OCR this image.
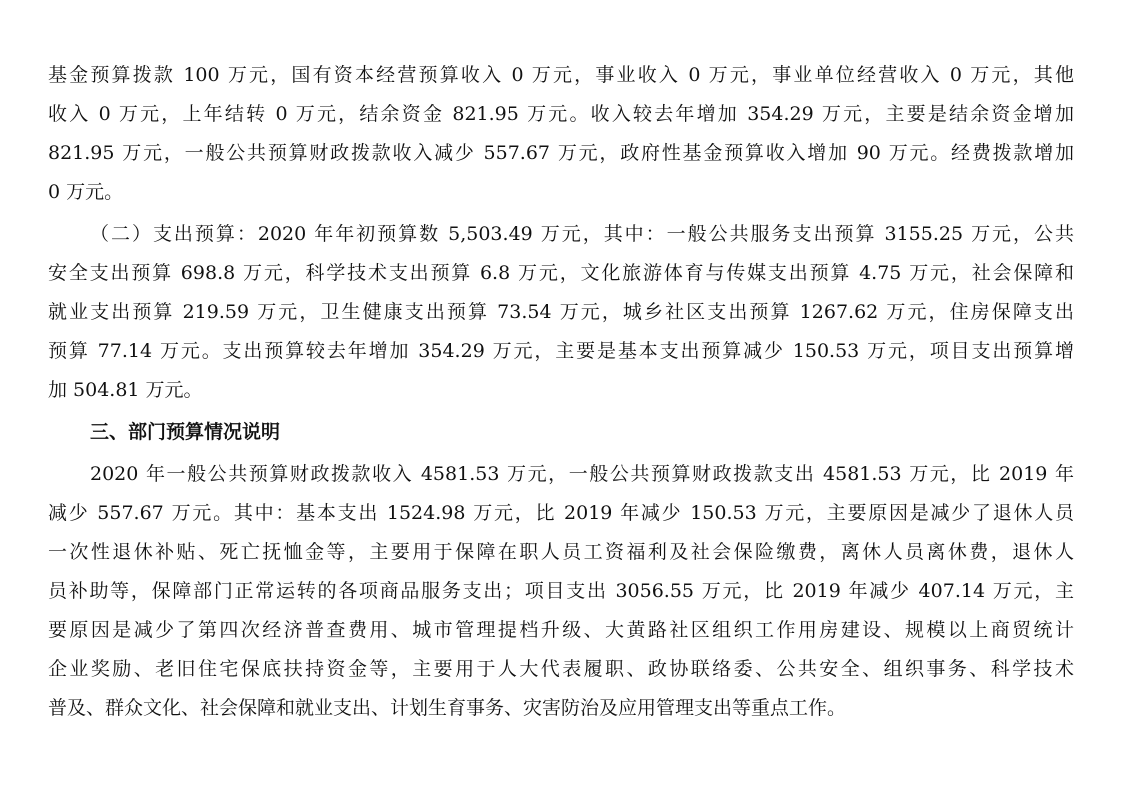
基金预算拨款 100 万元，国有资本经营预算收入 0 万元，事业收入 0 万元，事业单位经营收入 0 万元，其他
收入 0 万元，上年结转 0 万元，结余资金 821.95 万元。收入较去年增加 354.29 万元，主要是结余资金增加
821.95 万元，一般公共预算财政拨款收入减少 557.67 万元，政府性基金预算收入增加 90 万元。经费拨款增加
0 万元。
（二）支出预算：2020 年年初预算数 5,503.49 万元，其中：一般公共服务支出预算 3155.25 万元，公共
安全支出预算 698.8 万元，科学技术支出预算 6.8 万元，文化旅游体育与传媒支出预算 4.75 万元，社会保障和
就业支出预算 219.59 万元，卫生健康支出预算 73.54 万元，城乡社区支出预算 1267.62 万元，住房保障支出
预算 77.14 万元。支出预算较去年增加 354.29 万元，主要是基本支出预算减少 150.53 万元，项目支出预算增
加 504.81 万元。
三、部门预算情况说明
2020 年一般公共预算财政拨款收入 4581.53 万元，一般公共预算财政拨款支出 4581.53 万元，比 2019 年
减少 557.67 万元。其中：基本支出 1524.98 万元，比 2019 年减少 150.53 万元，主要原因是减少了退休人员
一次性退休补贴、死亡抚恤金等，主要用于保障在职人员工资福利及社会保险缴费，离休人员离休费，退休人
员补助等，保障部门正常运转的各项商品服务支出；项目支出 3056.55 万元，比 2019 年减少 407.14 万元，主
要原因是减少了第四次经济普查费用、城市管理提档升级、大黄路社区组织工作用房建设、规模以上商贸统计
企业奖励、老旧住宅保底扶持资金等，主要用于人大代表履职、政协联络委、公共安全、组织事务、科学技术
普及、群众文化、社会保障和就业支出、计划生育事务、灾害防治及应用管理支出等重点工作。
